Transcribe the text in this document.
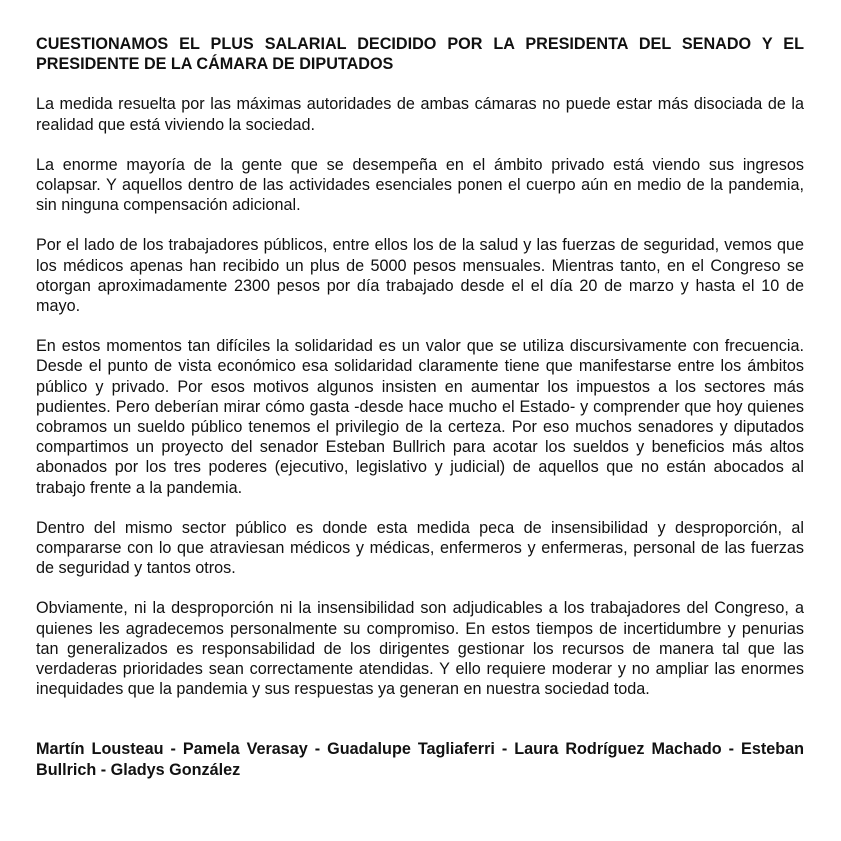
CUESTIONAMOS EL PLUS SALARIAL DECIDIDO POR LA PRESIDENTA DEL SENADO Y EL PRESIDENTE DE LA CÁMARA DE DIPUTADOS
La medida resuelta por las máximas autoridades de ambas cámaras no puede estar más disociada de la realidad que está viviendo la sociedad.
La enorme mayoría de la gente que se desempeña en el ámbito privado está viendo sus ingresos colapsar. Y aquellos dentro de las actividades esenciales ponen el cuerpo aún en medio de la pandemia, sin ninguna compensación adicional.
Por el lado de los trabajadores públicos, entre ellos los de la salud y las fuerzas de seguridad, vemos que los médicos apenas han recibido un plus de 5000 pesos mensuales. Mientras tanto, en el Congreso se otorgan aproximadamente 2300 pesos por día trabajado desde el el día 20 de marzo y hasta el 10 de mayo.
En estos momentos tan difíciles la solidaridad es un valor que se utiliza discursivamente con frecuencia. Desde el punto de vista económico esa solidaridad claramente tiene que manifestarse entre los ámbitos público y privado. Por esos motivos algunos insisten en aumentar los impuestos a los sectores más pudientes. Pero deberían mirar cómo gasta -desde hace mucho el Estado- y comprender que hoy quienes cobramos un sueldo público tenemos el privilegio de la certeza. Por eso muchos senadores y diputados compartimos un proyecto del senador Esteban Bullrich para acotar los sueldos y beneficios más altos abonados por los tres poderes (ejecutivo, legislativo y judicial) de aquellos que no están abocados al trabajo frente a la pandemia.
Dentro del mismo sector público es donde esta medida peca de insensibilidad y desproporción, al compararse con lo que atraviesan médicos y médicas, enfermeros y enfermeras, personal de las fuerzas de seguridad y tantos otros.
Obviamente, ni la desproporción ni la insensibilidad son adjudicables a los trabajadores del Congreso, a quienes les agradecemos personalmente su compromiso. En estos tiempos de incertidumbre y penurias tan generalizados es responsabilidad de los dirigentes gestionar los recursos de manera tal que las verdaderas prioridades sean correctamente atendidas. Y ello requiere moderar y no ampliar las enormes inequidades que la pandemia y sus respuestas ya generan en nuestra sociedad toda.
Martín Lousteau - Pamela Verasay - Guadalupe Tagliaferri - Laura Rodríguez Machado - Esteban Bullrich - Gladys González
